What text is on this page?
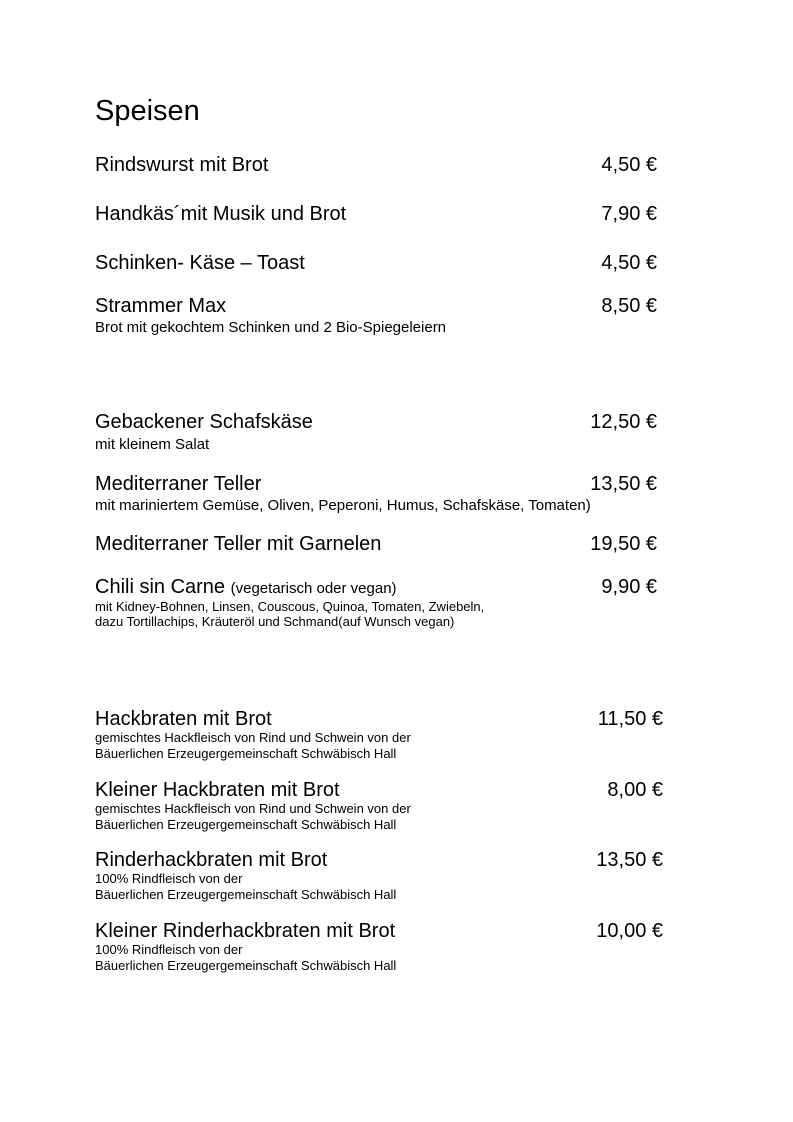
Speisen
Rindswurst mit Brot	4,50 €
Handkäs´mit Musik und Brot	7,90 €
Schinken- Käse – Toast	4,50 €
Strammer Max	8,50 €
Brot mit gekochtem Schinken und 2 Bio-Spiegeleiern
Gebackener Schafskäse	12,50 €
mit kleinem Salat
Mediterraner Teller	13,50 €
mit mariniertem Gemüse, Oliven, Peperoni, Humus, Schafskäse, Tomaten)
Mediterraner Teller mit Garnelen	19,50 €
Chili sin Carne (vegetarisch oder vegan)	9,90 €
mit Kidney-Bohnen, Linsen, Couscous, Quinoa, Tomaten, Zwiebeln,
dazu Tortillachips, Kräuteröl und Schmand(auf Wunsch vegan)
Hackbraten mit Brot	11,50 €
gemischtes Hackfleisch von Rind und Schwein von der
Bäuerlichen Erzeugergemeinschaft Schwäbisch Hall
Kleiner Hackbraten mit Brot	8,00 €
gemischtes Hackfleisch von Rind und Schwein von der
Bäuerlichen Erzeugergemeinschaft Schwäbisch Hall
Rinderhackbraten mit Brot	13,50 €
100% Rindfleisch von der
Bäuerlichen Erzeugergemeinschaft Schwäbisch Hall
Kleiner Rinderhackbraten mit Brot	10,00 €
100% Rindfleisch von der
Bäuerlichen Erzeugergemeinschaft Schwäbisch Hall
